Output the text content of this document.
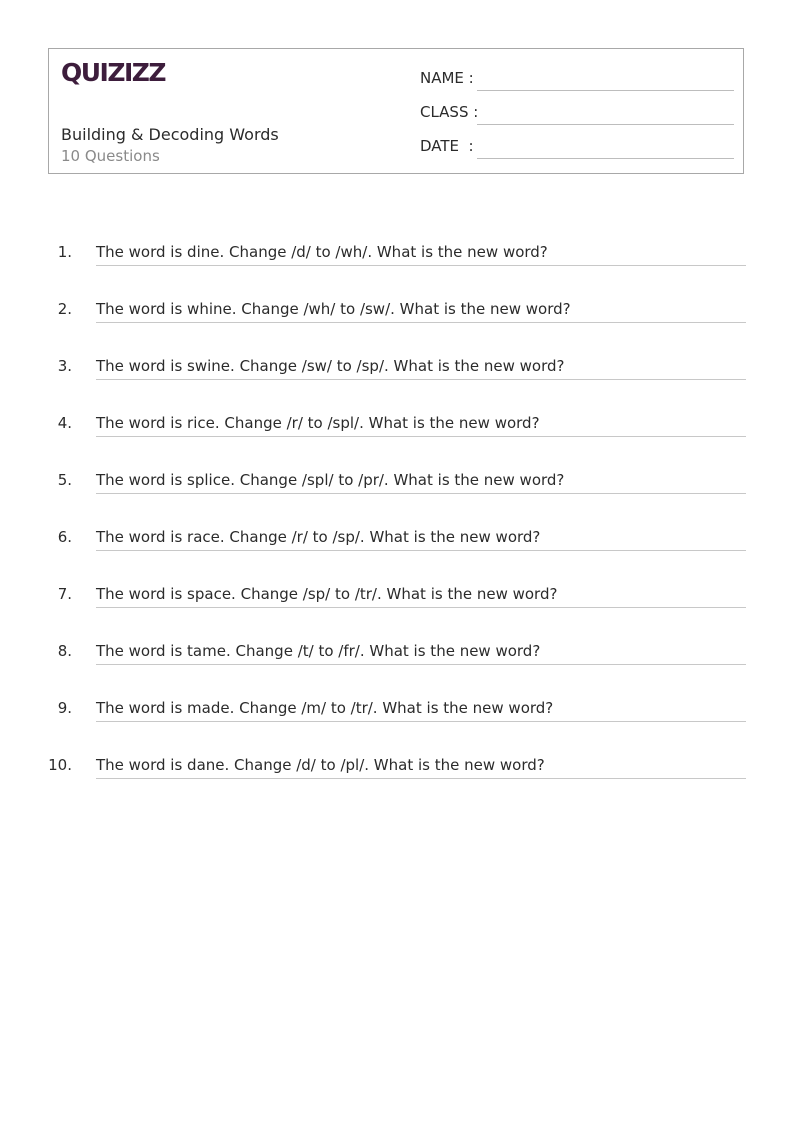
QUIZIZZ
Building & Decoding Words
10 Questions
NAME :
CLASS :
DATE  :
1. The word is dine. Change /d/ to /wh/. What is the new word?
2. The word is whine. Change /wh/ to /sw/. What is the new word?
3. The word is swine. Change /sw/ to /sp/. What is the new word?
4. The word is rice. Change /r/ to /spl/. What is the new word?
5. The word is splice. Change /spl/ to /pr/. What is the new word?
6. The word is race. Change /r/ to /sp/. What is the new word?
7. The word is space. Change /sp/ to /tr/. What is the new word?
8. The word is tame. Change /t/ to /fr/. What is the new word?
9. The word is made. Change /m/ to /tr/. What is the new word?
10. The word is dane. Change /d/ to /pl/. What is the new word?
